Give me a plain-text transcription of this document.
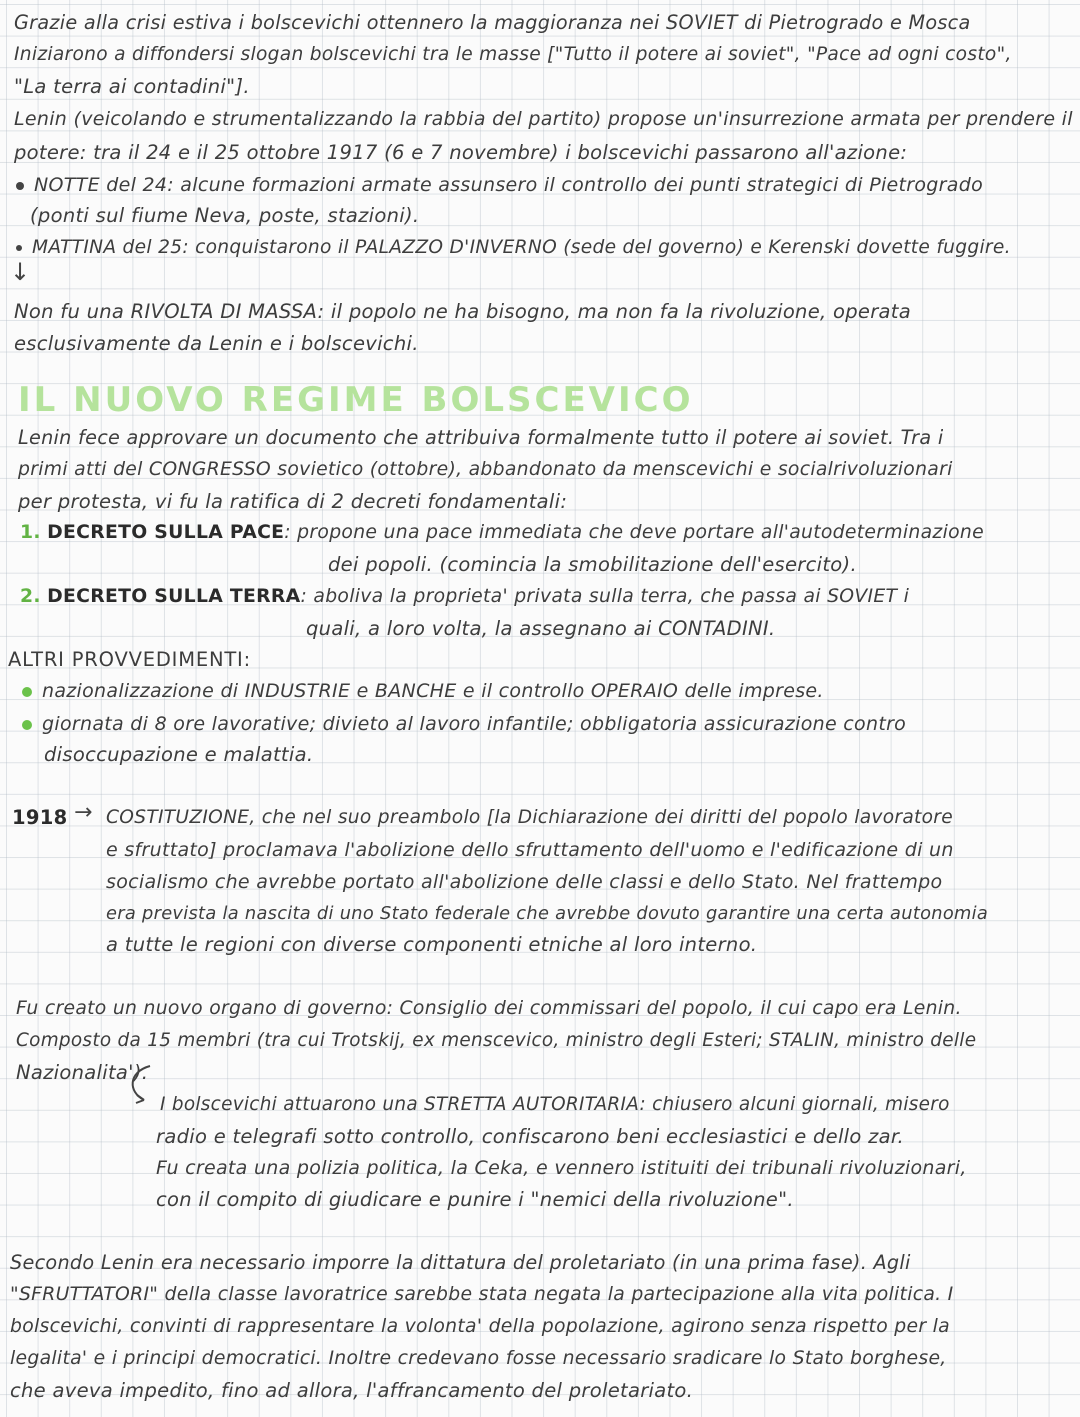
Grazie alla crisi estiva i bolscevichi ottennero la maggioranza nei SOVIET di Pietrogrado e Mosca
Iniziarono a diffondersi slogan bolscevichi tra le masse ["Tutto il potere ai soviet", "Pace ad ogni costo",
"La terra ai contadini"].
Lenin (veicolando e strumentalizzando la rabbia del partito) propose un'insurrezione armata per prendere il
potere: tra il 24 e il 25 ottobre 1917 (6 e 7 novembre) i bolscevichi passarono all'azione:
NOTTE del 24: alcune formazioni armate assunsero il controllo dei punti strategici di Pietrogrado
(ponti sul fiume Neva, poste, stazioni).
MATTINA del 25: conquistarono il PALAZZO D'INVERNO (sede del governo) e Kerenski dovette fuggire.
↓
Non fu una RIVOLTA DI MASSA: il popolo ne ha bisogno, ma non fa la rivoluzione, operata
esclusivamente da Lenin e i bolscevichi.
IL NUOVO REGIME BOLSCEVICO
Lenin fece approvare un documento che attribuiva formalmente tutto il potere ai soviet. Tra i
primi atti del CONGRESSO sovietico (ottobre), abbandonato da menscevichi e socialrivoluzionari
per protesta, vi fu la ratifica di 2 decreti fondamentali:
1. DECRETO SULLA PACE: propone una pace immediata che deve portare all'autodeterminazione
dei popoli. (comincia la smobilitazione dell'esercito).
2. DECRETO SULLA TERRA: aboliva la proprieta' privata sulla terra, che passa ai SOVIET i
quali, a loro volta, la assegnano ai CONTADINI.
ALTRI PROVVEDIMENTI:
nazionalizzazione di INDUSTRIE e BANCHE e il controllo OPERAIO delle imprese.
giornata di 8 ore lavorative; divieto al lavoro infantile; obbligatoria assicurazione contro
disoccupazione e malattia.
1918 → COSTITUZIONE, che nel suo preambolo [la Dichiarazione dei diritti del popolo lavoratore
e sfruttato] proclamava l'abolizione dello sfruttamento dell'uomo e l'edificazione di un
socialismo che avrebbe portato all'abolizione delle classi e dello Stato. Nel frattempo
era prevista la nascita di uno Stato federale che avrebbe dovuto garantire una certa autonomia
a tutte le regioni con diverse componenti etniche al loro interno.
Fu creato un nuovo organo di governo: Consiglio dei commissari del popolo, il cui capo era Lenin.
Composto da 15 membri (tra cui Trotskij, ex menscevico, ministro degli Esteri; STALIN, ministro delle
Nazionalita').
I bolscevichi attuarono una STRETTA AUTORITARIA: chiusero alcuni giornali, misero
radio e telegrafi sotto controllo, confiscarono beni ecclesiastici e dello zar.
Fu creata una polizia politica, la Ceka, e vennero istituiti dei tribunali rivoluzionari,
con il compito di giudicare e punire i "nemici della rivoluzione".
Secondo Lenin era necessario imporre la dittatura del proletariato (in una prima fase). Agli
"SFRUTTATORI" della classe lavoratrice sarebbe stata negata la partecipazione alla vita politica. I
bolscevichi, convinti di rappresentare la volonta' della popolazione, agirono senza rispetto per la
legalita' e i principi democratici. Inoltre credevano fosse necessario sradicare lo Stato borghese,
che aveva impedito, fino ad allora, l'affrancamento del proletariato.
